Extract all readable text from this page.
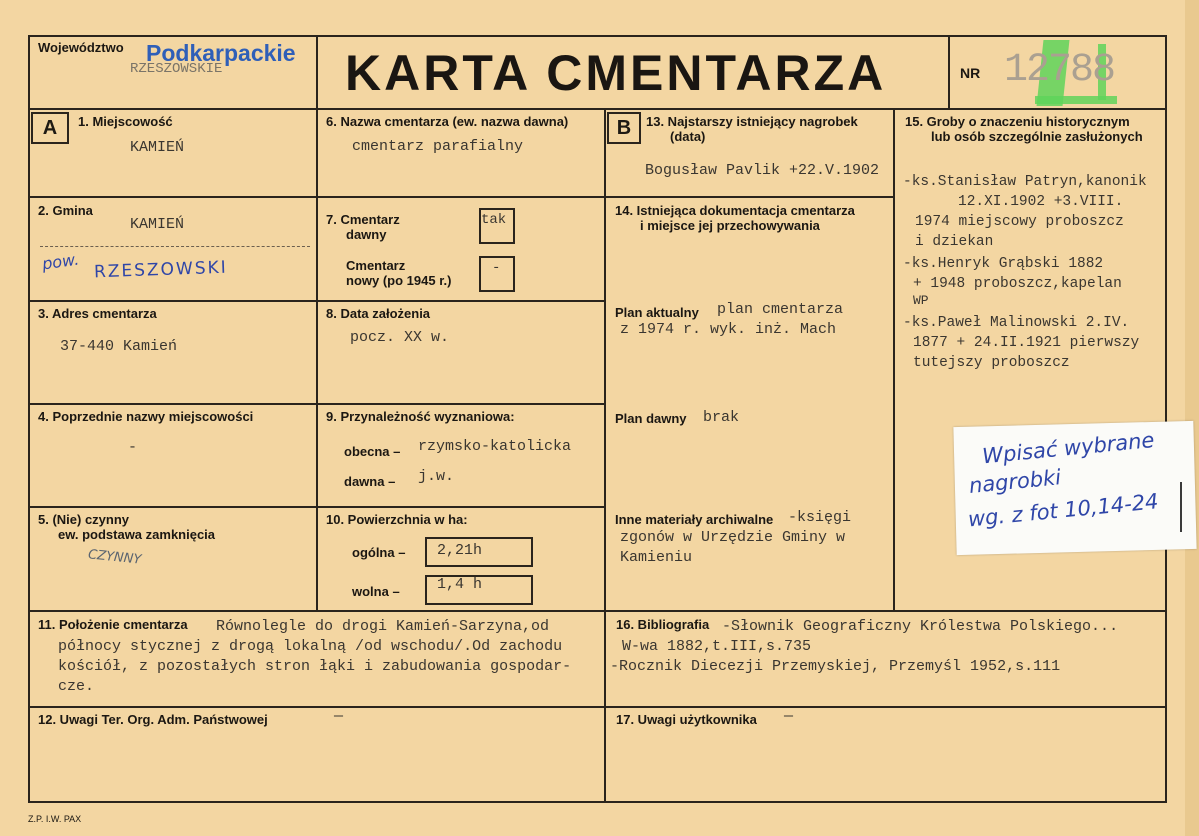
Województwo Podkarpackie
RZESZOWSKIE KARTA CMENTARZA	NR 12788
A	B
1. Miejscowość
KAMIEŃ
2. Gmina
KAMIEŃ
pow. RZESZOWSKI
3. Adres cmentarza
37-440 Kamień
4. Poprzednie nazwy miejscowości
-
5. (Nie) czynny
ew. podstawa zamknięcia
CZYNNY
6. Nazwa cmentarza (ew. nazwa dawna)
cmentarz parafialny
7. Cmentarz
dawny
tak
Cmentarz
nowy (po 1945 r.)
-
8. Data założenia
pocz. XX w.
9. Przynależność wyznaniowa:
obecna – rzymsko-katolicka
dawna – j.w.
10. Powierzchnia w ha:
ogólna – 2,21h
wolna – 1,4 h
13. Najstarszy istniejący nagrobek
(data)
Bogusław Pavlik +22.V.1902
14. Istniejąca dokumentacja cmentarza
i miejsce jej przechowywania
Plan aktualny plan cmentarza
z 1974 r. wyk. inż. Mach
Plan dawny brak
Inne materiały archiwalne -księgi
zgonów w Urzędzie Gminy w
Kamieniu
15. Groby o znaczeniu historycznym
lub osób szczególnie zasłużonych
-ks.Stanisław Patryn,kanonik
12.XI.1902 +3.VIII.
1974 miejscowy proboszcz
i dziekan
-ks.Henryk Grąbski 1882
+ 1948 proboszcz,kapelan
WP
-ks.Paweł Malinowski 2.IV.
1877 + 24.II.1921 pierwszy
tutejszy proboszcz
Wpisać wybrane
nagrobki
wg. z fot 10,14-24
11. Położenie cmentarza Równolegle do drogi Kamień-Sarzyna,od
północy stycznej z drogą lokalną /od wschodu/.Od zachodu
kościół, z pozostałych stron łąki i zabudowania gospodar-
cze.
16. Bibliografia -Słownik Geograficzny Królestwa Polskiego...
W-wa 1882,t.III,s.735
-Rocznik Diecezji Przemyskiej, Przemyśl 1952,s.111
12. Uwagi Ter. Org. Adm. Państwowej	—	17. Uwagi użytkownika —
Z.P. I.W. PAX
